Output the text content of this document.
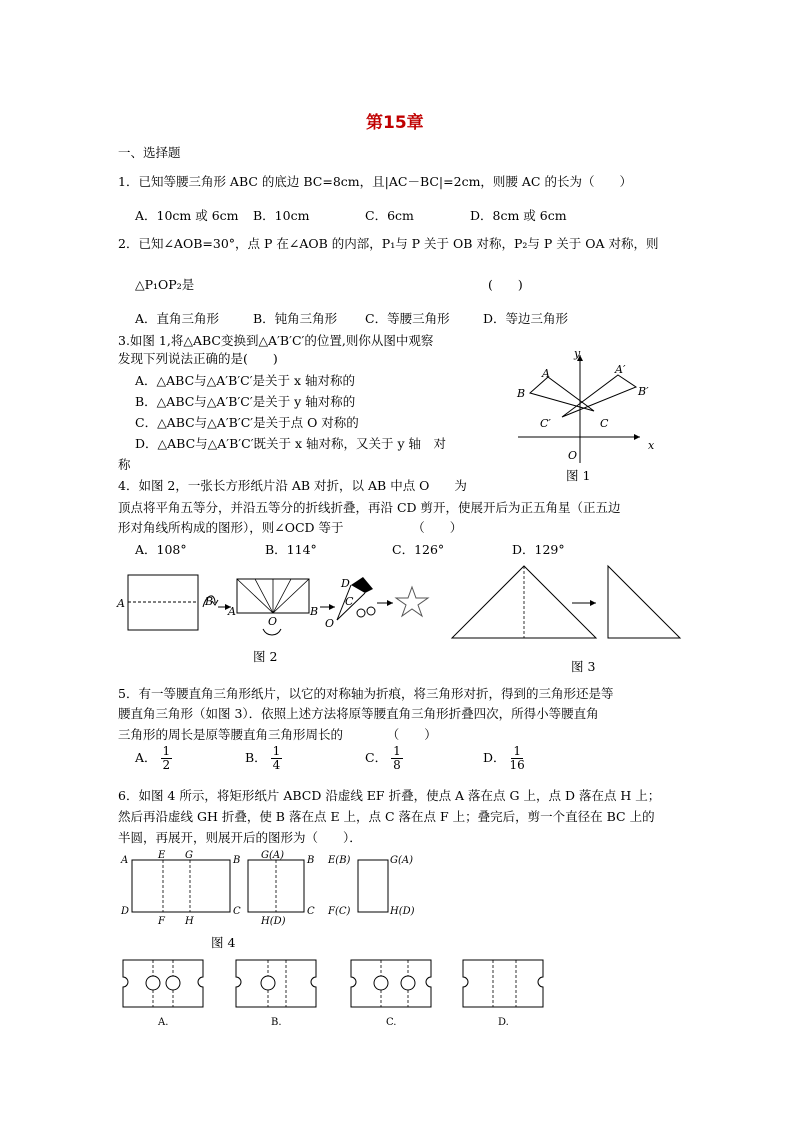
第15章
一、选择题
1．已知等腰三角形 ABC 的底边 BC=8cm，且|AC－BC|=2cm，则腰 AC 的长为（　　）
A．10cm 或 6cm B．10cm	C．6cm	D．8cm 或 6cm
2．已知∠AOB=30°，点 P 在∠AOB 的内部，P₁与 P 关于 OB 对称，P₂与 P 关于 OA 对称，则
△P₁OP₂是	(　　)
A．直角三角形	B．钝角三角形 C．等腰三角形	D．等边三角形
3.如图 1,将△ABC变换到△A′B′C′的位置,则你从图中观察
发现下列说法正确的是(　　)
A．△ABC与△A′B′C′是关于 x 轴对称的
B．△ABC与△A′B′C′是关于 y 轴对称的
C．△ABC与△A′B′C′是关于点 O 对称的
D．△ABC与△A′B′C′既关于 x 轴对称，又关于 y 轴　对
称
A
B
C
A′
B′
C′
O
x
y
图 1
4．如图 2，一张长方形纸片沿 AB 对折，以 AB 中点 O　　为
顶点将平角五等分，并沿五等分的折线折叠，再沿 CD 剪开，使展开后为正五角星（正五边
形对角线所构成的图形），则∠OCD 等于　　　　　　（　　）
A．108°	B．114°	C．126°	D．129°
A	B
A
O
B
D
C
O
图 2
图 3
5．有一等腰直角三角形纸片，以它的对称轴为折痕，将三角形对折，得到的三角形还是等
腰直角三角形（如图 3）．依照上述方法将原等腰直角三角形折叠四次，所得小等腰直角
三角形的周长是原等腰直角三角形周长的　　　　（　　）
A． $\frac{1}{2}$	B． $\frac{1}{4}$	C． $\frac{1}{8}$	D． $\frac{1}{16}$
6．如图 4 所示，将矩形纸片 ABCD 沿虚线 EF 折叠，使点 A 落在点 G 上，点 D 落在点 H 上；
然后再沿虚线 GH 折叠，使 B 落在点 E 上，点 C 落在点 F 上；叠完后，剪一个直径在 BC 上的
半圆，再展开，则展开后的图形为（　　）．
A	E G	B
D
F H
C
G(A) B
H(D)
C
E(B)	G(A)
F(C)	H(D)
图 4
A.	B.	C.	D.
